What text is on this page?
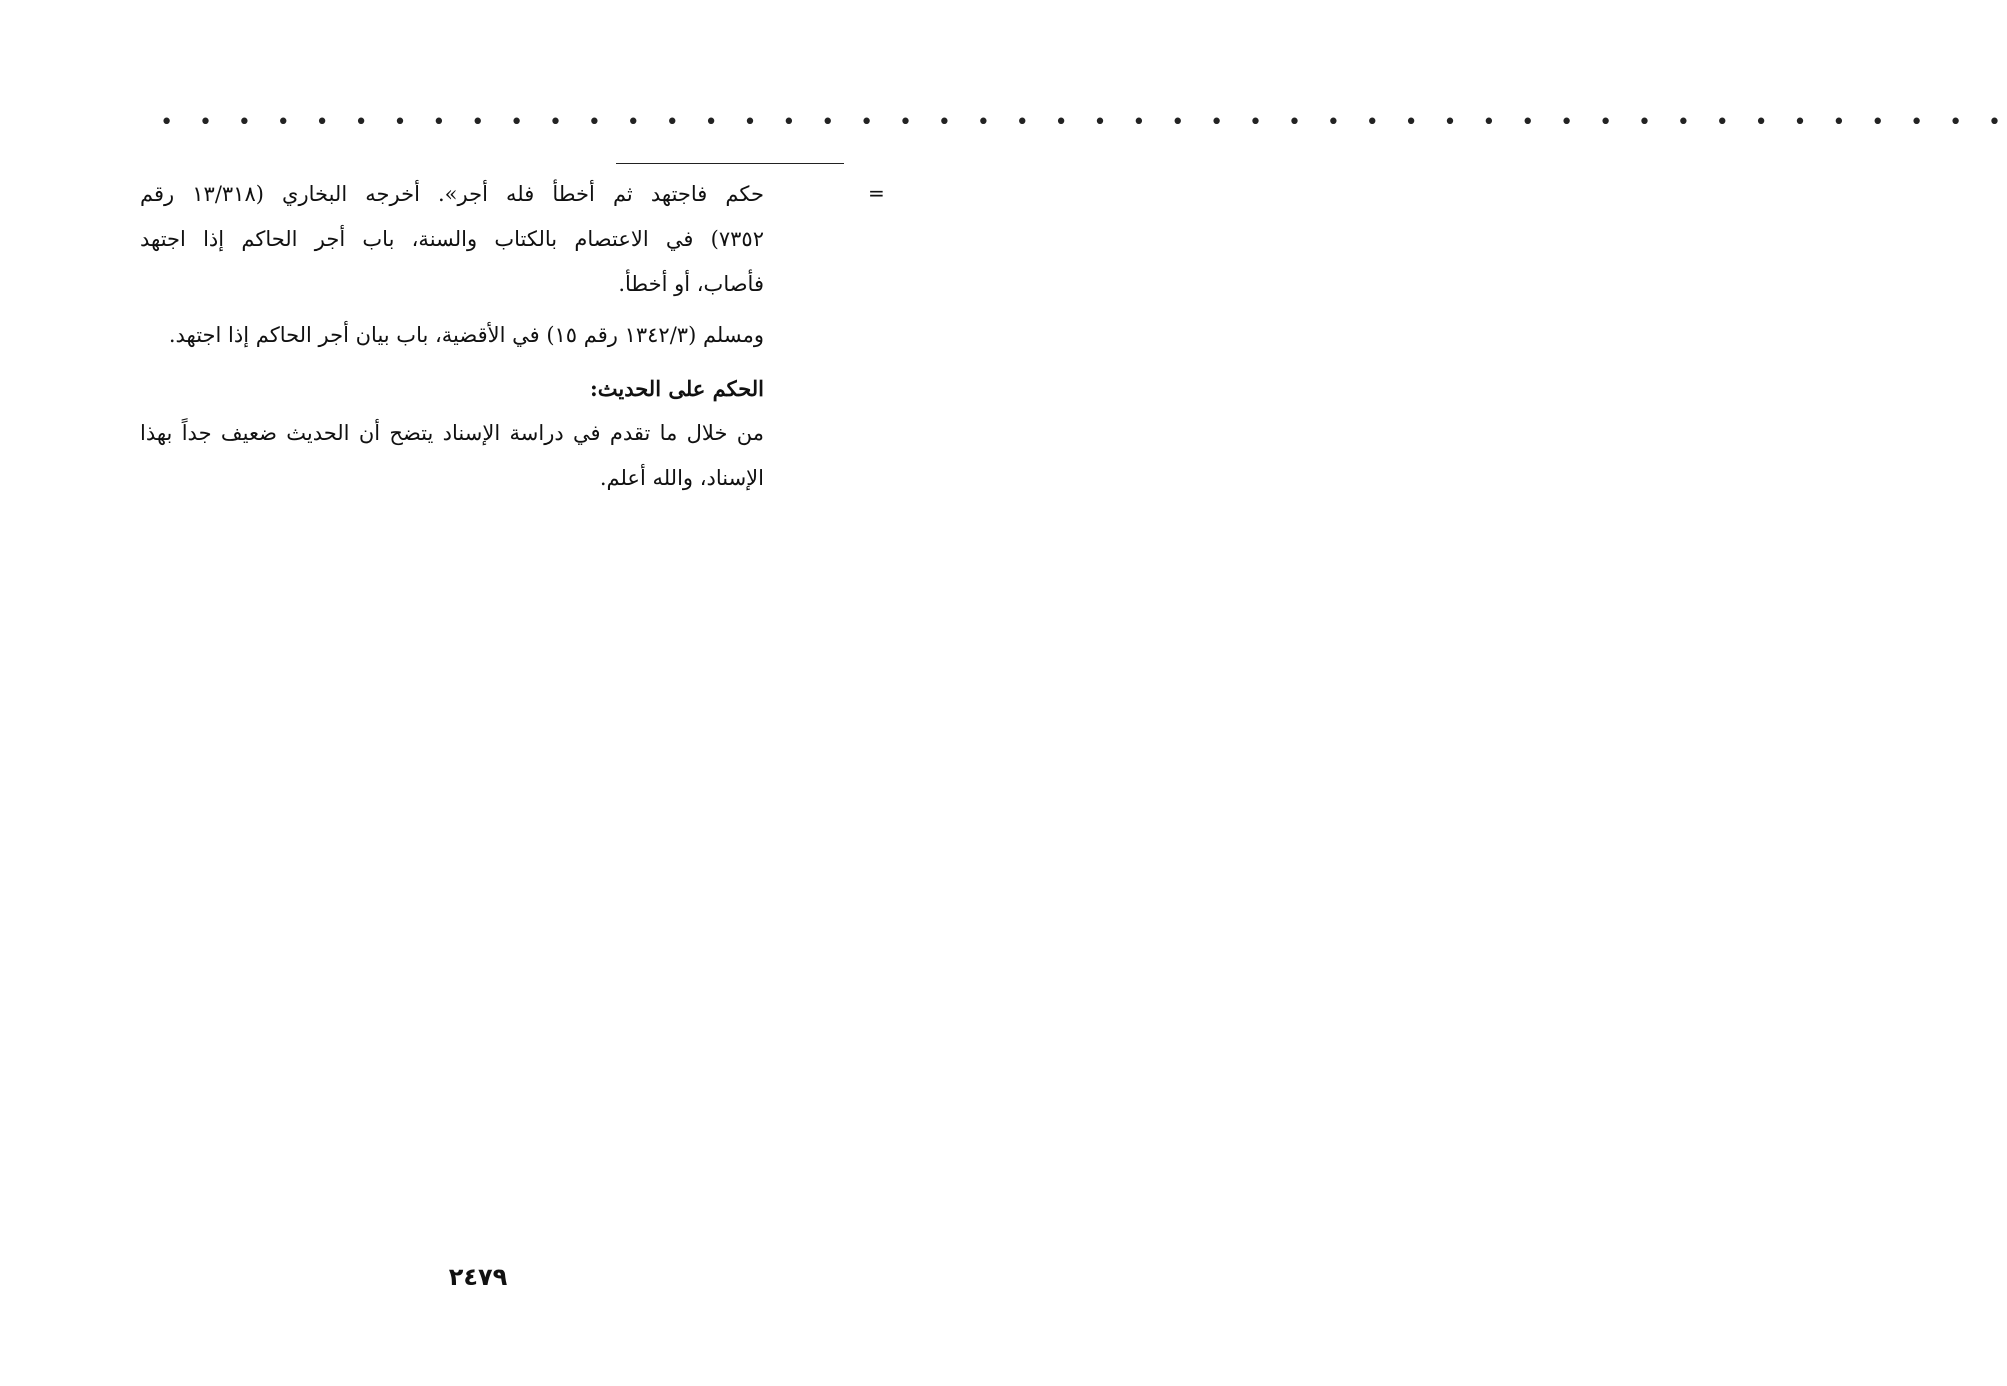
• • • • • • • • • • • • • • • • • • • • • • • • • • • • • • • • • • • • • • • • • • • • • • • •
=

حكم فاجتهد ثم أخطأ فله أجر». أخرجه البخاري (١٣/٣١٨ رقم
٧٣٥٢) في الاعتصام بالكتاب والسنة، باب أجر الحاكم إذا اجتهد
فأصاب، أو أخطأ.

ومسلم (١٣٤٢/٣ رقم ١٥) في الأقضية، باب بيان أجر الحاكم إذا اجتهد.

الحكم على الحديث:

من خلال ما تقدم في دراسة الإسناد يتضح أن الحديث ضعيف جداً بهذا
الإسناد، والله أعلم.

٢٤٧٩
